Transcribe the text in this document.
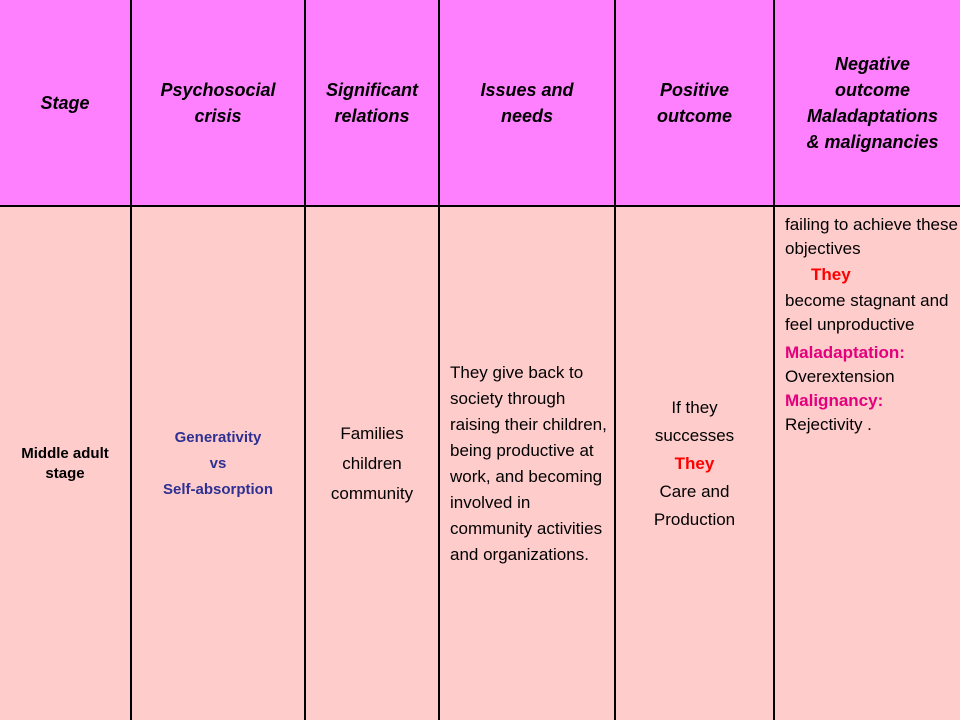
Stage
Psychosocial
crisis
Significant
relations
Issues and
needs
Positive
outcome
Negative
outcome
Maladaptations
& malignancies
Middle adult
stage
Generativity
vs
Self-absorption
Families
children
community
They give back to society through raising their children, being productive at work, and becoming involved in community activities and organizations.
If they
successes
They
Care and
Production
failing to achieve these objectives
They
become stagnant and feel unproductive
Maladaptation:
Overextension
Malignancy:
Rejectivity .
